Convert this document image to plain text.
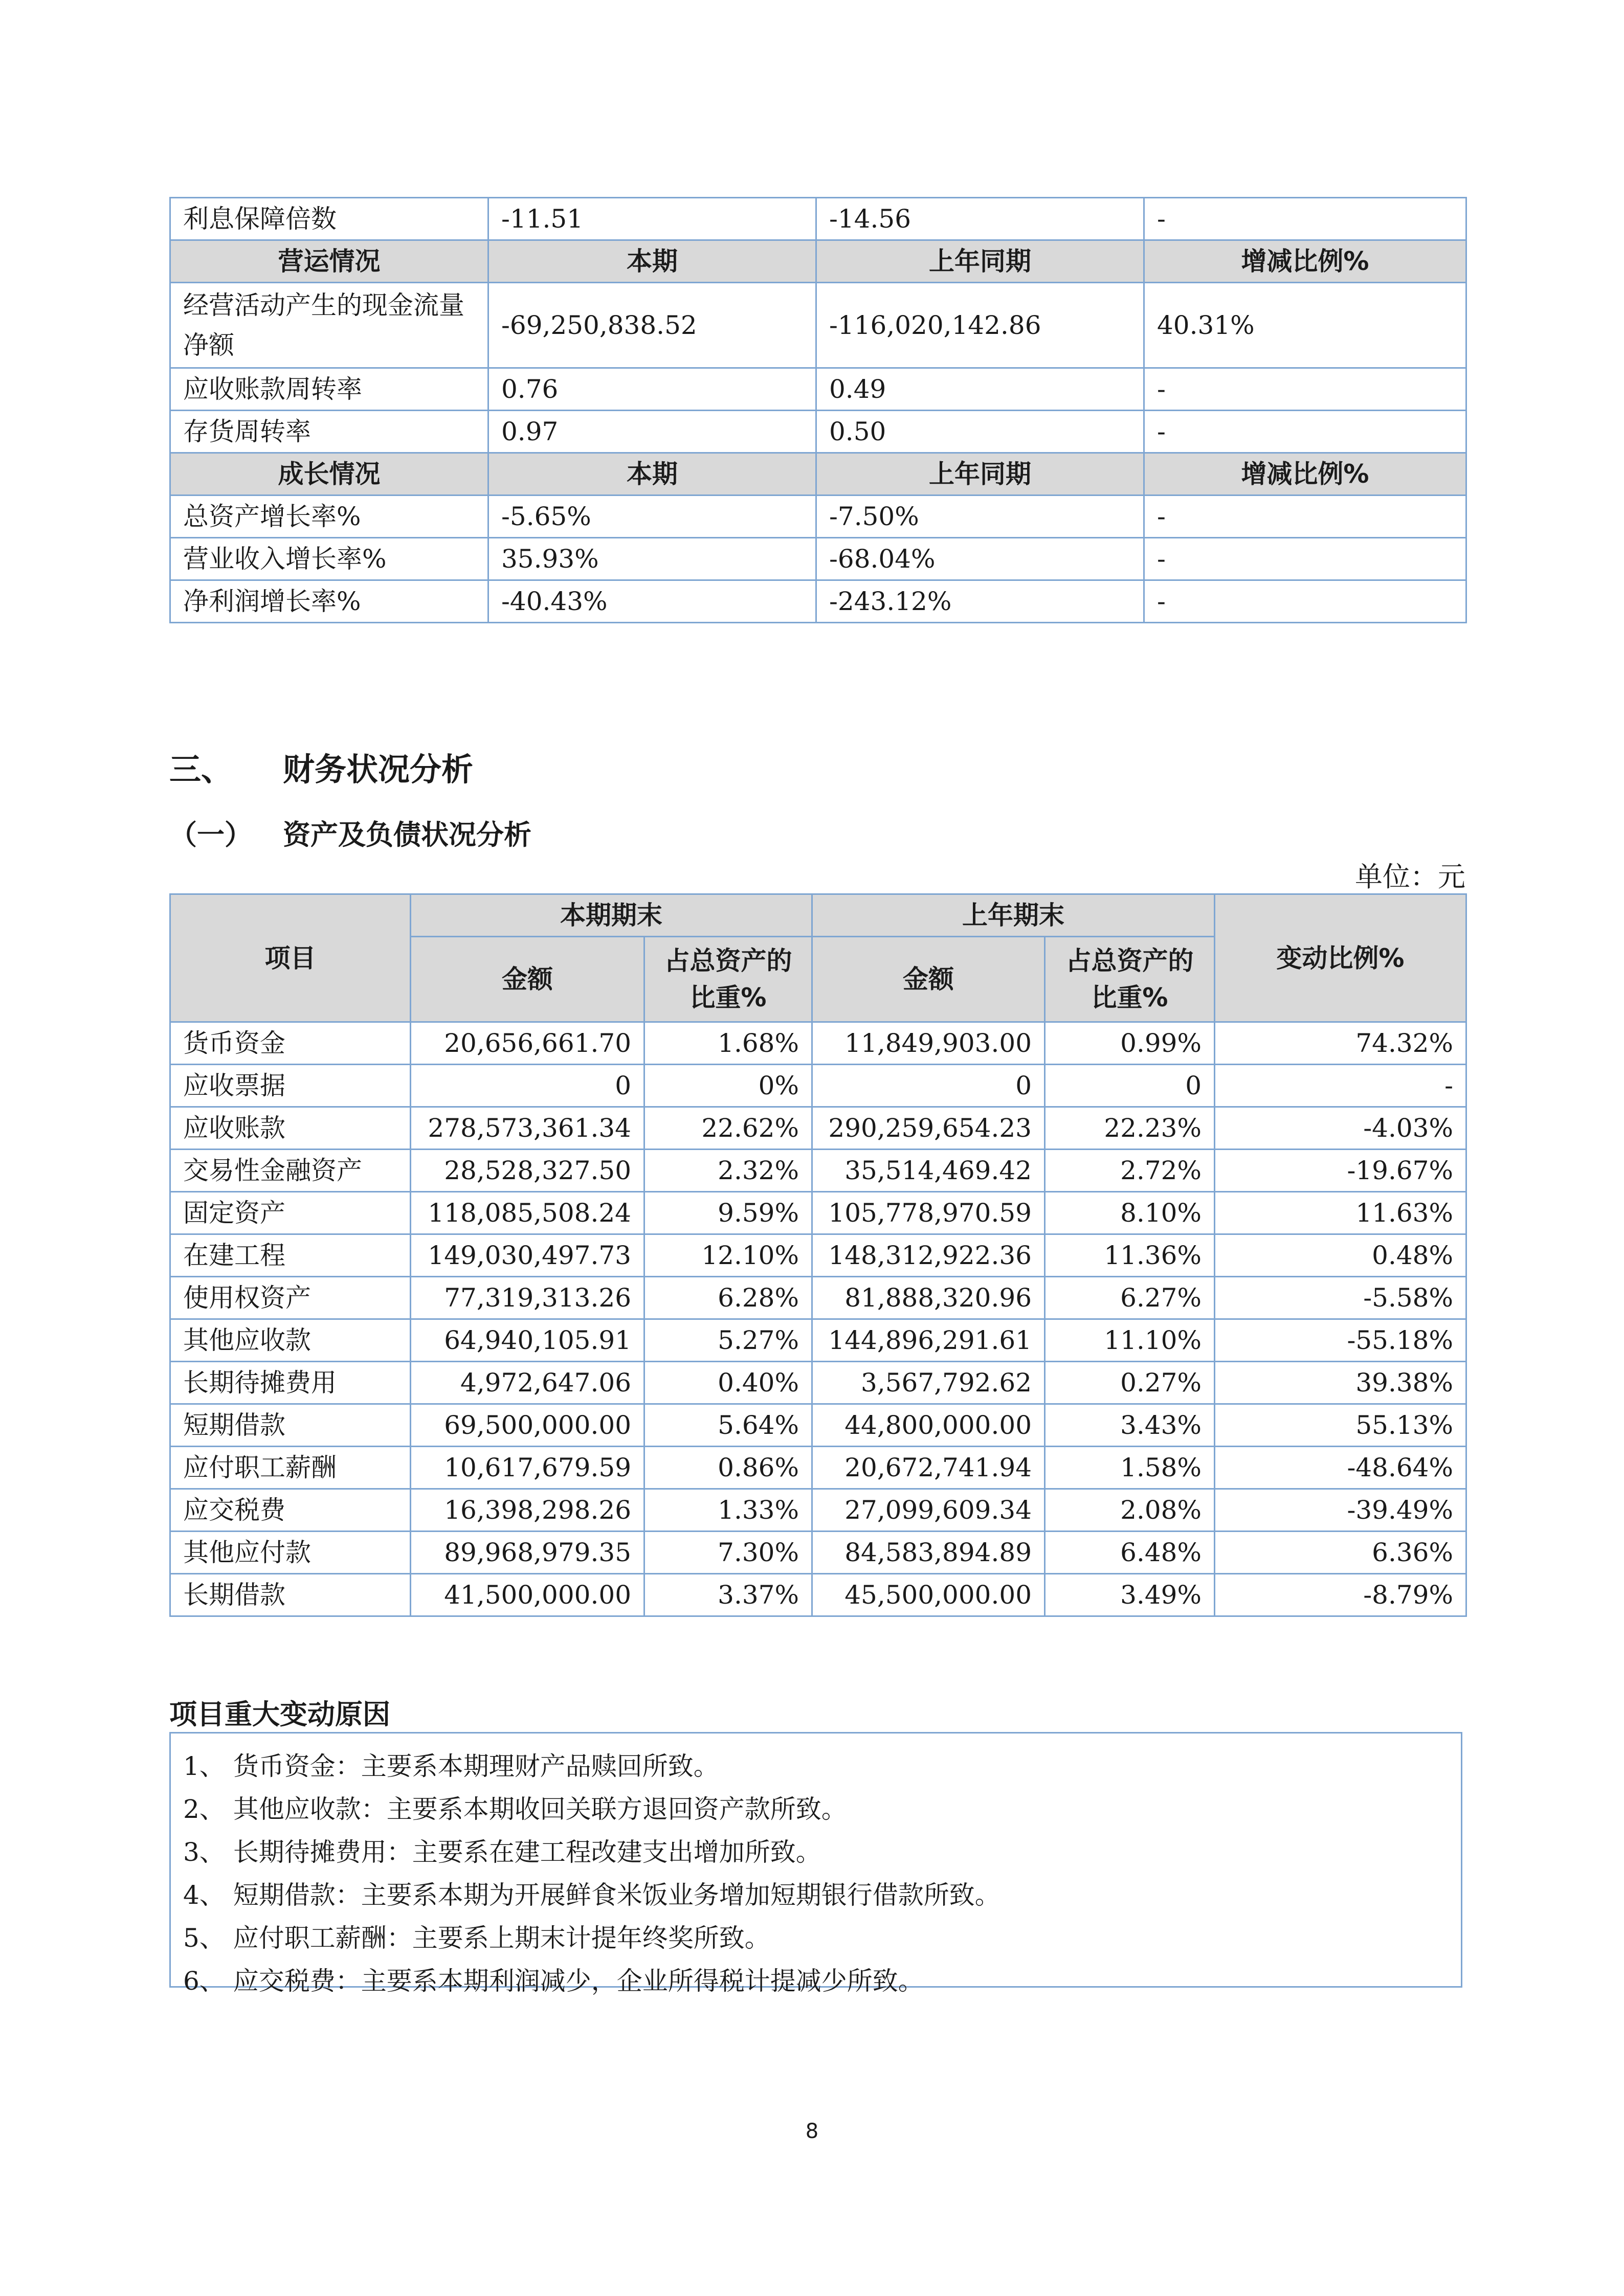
利息保障倍数	-11.51	-14.56	-
营运情况	本期	上年同期	增减比例%
经营活动产生的现金流量净额	-69,250,838.52	-116,020,142.86	40.31%
应收账款周转率	0.76	0.49	-
存货周转率	0.97	0.50	-
成长情况	本期	上年同期	增减比例%
总资产增长率%	-5.65%	-7.50%	-
营业收入增长率%	35.93%	-68.04%	-
净利润增长率%	-40.43%	-243.12%	-
三、 财务状况分析
（一） 资产及负债状况分析
单位：元
项目	本期期末		上年期末		变动比例%
	金额	占总资产的比重%	金额	占总资产的比重%	
货币资金	20,656,661.70	1.68%	11,849,903.00	0.99%	74.32%
应收票据	0	0%	0	0	-
应收账款	278,573,361.34	22.62%	290,259,654.23	22.23%	-4.03%
交易性金融资产	28,528,327.50	2.32%	35,514,469.42	2.72%	-19.67%
固定资产	118,085,508.24	9.59%	105,778,970.59	8.10%	11.63%
在建工程	149,030,497.73	12.10%	148,312,922.36	11.36%	0.48%
使用权资产	77,319,313.26	6.28%	81,888,320.96	6.27%	-5.58%
其他应收款	64,940,105.91	5.27%	144,896,291.61	11.10%	-55.18%
长期待摊费用	4,972,647.06	0.40%	3,567,792.62	0.27%	39.38%
短期借款	69,500,000.00	5.64%	44,800,000.00	3.43%	55.13%
应付职工薪酬	10,617,679.59	0.86%	20,672,741.94	1.58%	-48.64%
应交税费	16,398,298.26	1.33%	27,099,609.34	2.08%	-39.49%
其他应付款	89,968,979.35	7.30%	84,583,894.89	6.48%	6.36%
长期借款	41,500,000.00	3.37%	45,500,000.00	3.49%	-8.79%
项目重大变动原因
1、 货币资金：主要系本期理财产品赎回所致。
2、 其他应收款：主要系本期收回关联方退回资产款所致。
3、 长期待摊费用：主要系在建工程改建支出增加所致。
4、 短期借款：主要系本期为开展鲜食米饭业务增加短期银行借款所致。
5、 应付职工薪酬：主要系上期末计提年终奖所致。
6、 应交税费：主要系本期利润减少，企业所得税计提减少所致。
8
